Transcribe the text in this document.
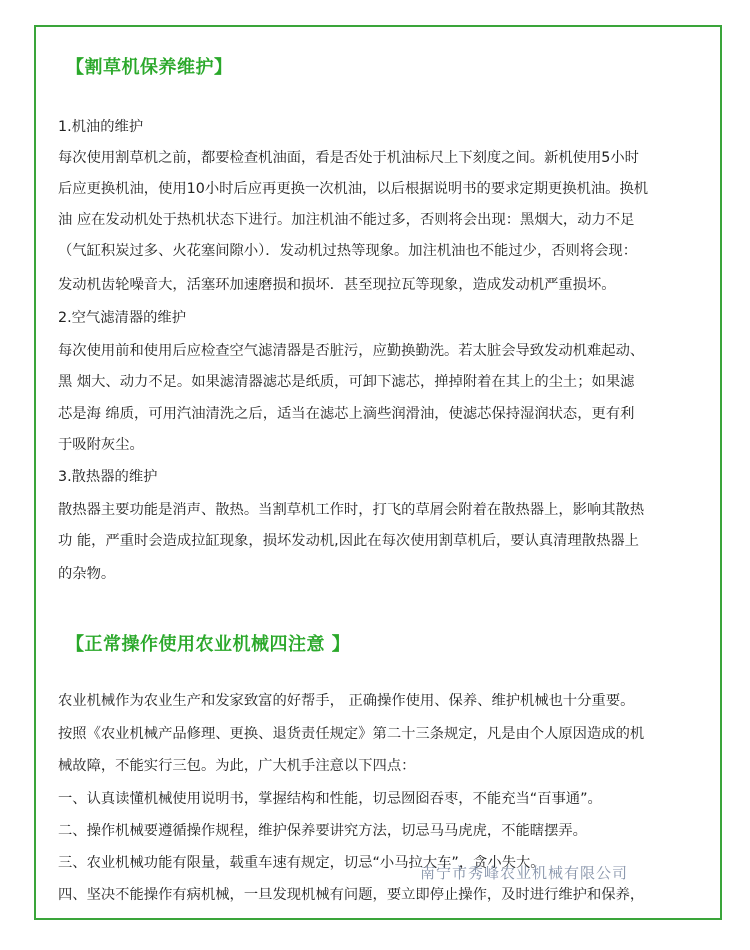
【割草机保养维护】
1.机油的维护
每次使用割草机之前，都要检查机油面，看是否处于机油标尺上下刻度之间。新机使用5小时
后应更换机油，使用10小时后应再更换一次机油，以后根据说明书的要求定期更换机油。换机
油 应在发动机处于热机状态下进行。加注机油不能过多，否则将会出现：黑烟大，动力不足
（气缸积炭过多、火花塞间隙小）．发动机过热等现象。加注机油也不能过少，否则将会现：
发动机齿轮噪音大，活塞环加速磨损和损坏．甚至现拉瓦等现象，造成发动机严重损坏。
2.空气滤清器的维护
每次使用前和使用后应检查空气滤清器是否脏污，应勤换勤洗。若太脏会导致发动机难起动、
黑 烟大、动力不足。如果滤清器滤芯是纸质，可卸下滤芯，掸掉附着在其上的尘土；如果滤
芯是海 绵质，可用汽油清洗之后，适当在滤芯上滴些润滑油，使滤芯保持湿润状态，更有利
于吸附灰尘。
3.散热器的维护
散热器主要功能是消声、散热。当割草机工作时，打飞的草屑会附着在散热器上，影响其散热
功 能，严重时会造成拉缸现象，损坏发动机,因此在每次使用割草机后，要认真清理散热器上
的杂物。
【正常操作使用农业机械四注意 】
农业机械作为农业生产和发家致富的好帮手， 正确操作使用、保养、维护机械也十分重要。
按照《农业机械产品修理、更换、退货责任规定》第二十三条规定，凡是由个人原因造成的机
械故障，不能实行三包。为此，广大机手注意以下四点：
一、认真读懂机械使用说明书，掌握结构和性能，切忌囫囵吞枣，不能充当“百事通”。
二、操作机械要遵循操作规程，维护保养要讲究方法，切忌马马虎虎，不能瞎摆弄。
三、农业机械功能有限量，载重车速有规定，切忌“小马拉大车”，贪小失大。
四、坚决不能操作有病机械，一旦发现机械有问题，要立即停止操作，及时进行维护和保养，
南宁市秀峰农业机械有限公司
